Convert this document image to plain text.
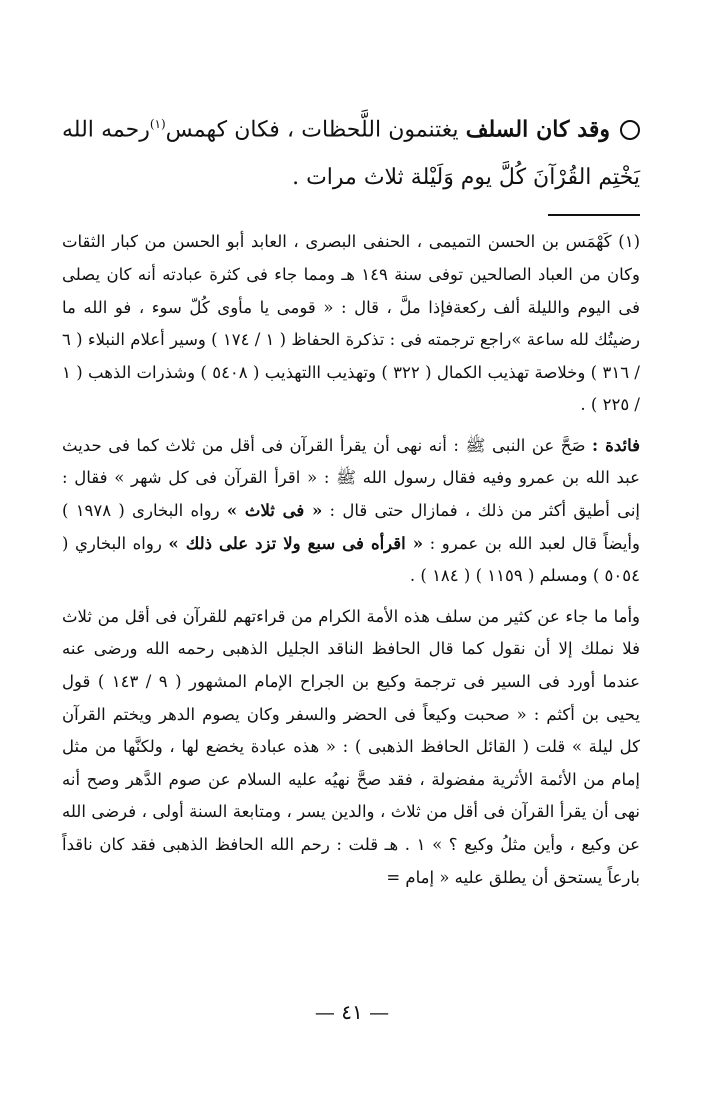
وقد كان السلف يغتنمون اللَّحظات ، فكان كهمس$^{(١)}$رحمه الله يَخْتِم القُرْآنَ كُلَّ يوم وَلَيْلة ثلاث مرات .

(١) كَهْمَس بن الحسن التميمى ، الحنفى البصرى ، العابد أبو الحسن من كبار الثقات وكان من العباد الصالحين توفى سنة ١٤٩ هـ ومما جاء فى كثرة عبادته أنه كان يصلى فى اليوم والليلة ألف ركعةفإذا ملَّ ، قال : « قومى يا مأوى كُلّ سوء ، فو الله ما رضيتُك لله ساعة »راجع ترجمته فى : تذكرة الحفاظ ( ١ / ١٧٤ ) وسير أعلام النبلاء ( ٦ / ٣١٦ ) وخلاصة تهذيب الكمال ( ٣٢٢ ) وتهذيب االتهذيب ( ٥٤٠٨ ) وشذرات الذهب ( ١ / ٢٢٥ ) .

فائدة : صَحَّ عن النبى ﷺ : أنه نهى أن يقرأ القرآن فى أقل من ثلاث كما فى حديث عبد الله بن عمرو وفيه فقال رسول الله ﷺ : « اقرأ القرآن فى كل شهر » فقال : إنى أطيق أكثر من ذلك ، فمازال حتى قال : « فى ثلاث » رواه البخارى ( ١٩٧٨ ) وأيضاً قال لعبد الله بن عمرو : « اقرأه فى سبع ولا تزد على ذلك » رواه البخاري ( ٥٠٥٤ ) ومسلم ( ١١٥٩ ) ( ١٨٤ ) .

وأما ما جاء عن كثير من سلف هذه الأمة الكرام من قراءتهم للقرآن فى أقل من ثلاث فلا نملك إلا أن نقول كما قال الحافظ الناقد الجليل الذهبى رحمه الله ورضى عنه عندما أورد فى السير فى ترجمة وكيع بن الجراح الإمام المشهور ( ٩ / ١٤٣ ) قول يحيى بن أكثم : « صحبت وكيعاً فى الحضر والسفر وكان يصوم الدهر ويختم القرآن كل ليلة » قلت ( القائل الحافظ الذهبى ) : « هذه عبادة يخضع لها ، ولكنَّها من مثل إمام من الأئمة الأثرية مفضولة ، فقد صحَّ نهيُه عليه السلام عن صوم الدَّهر وصح أنه نهى أن يقرأ القرآن فى أقل من ثلاث ، والدين يسر ، ومتابعة السنة أولى ، فرضى الله عن وكيع ، وأين مثلُ وكيع ؟ » ١ . هـ قلت : رحم الله الحافظ الذهبى فقد كان ناقداً بارعاً يستحق أن يطلق عليه « إمام =

— ٤١ —
